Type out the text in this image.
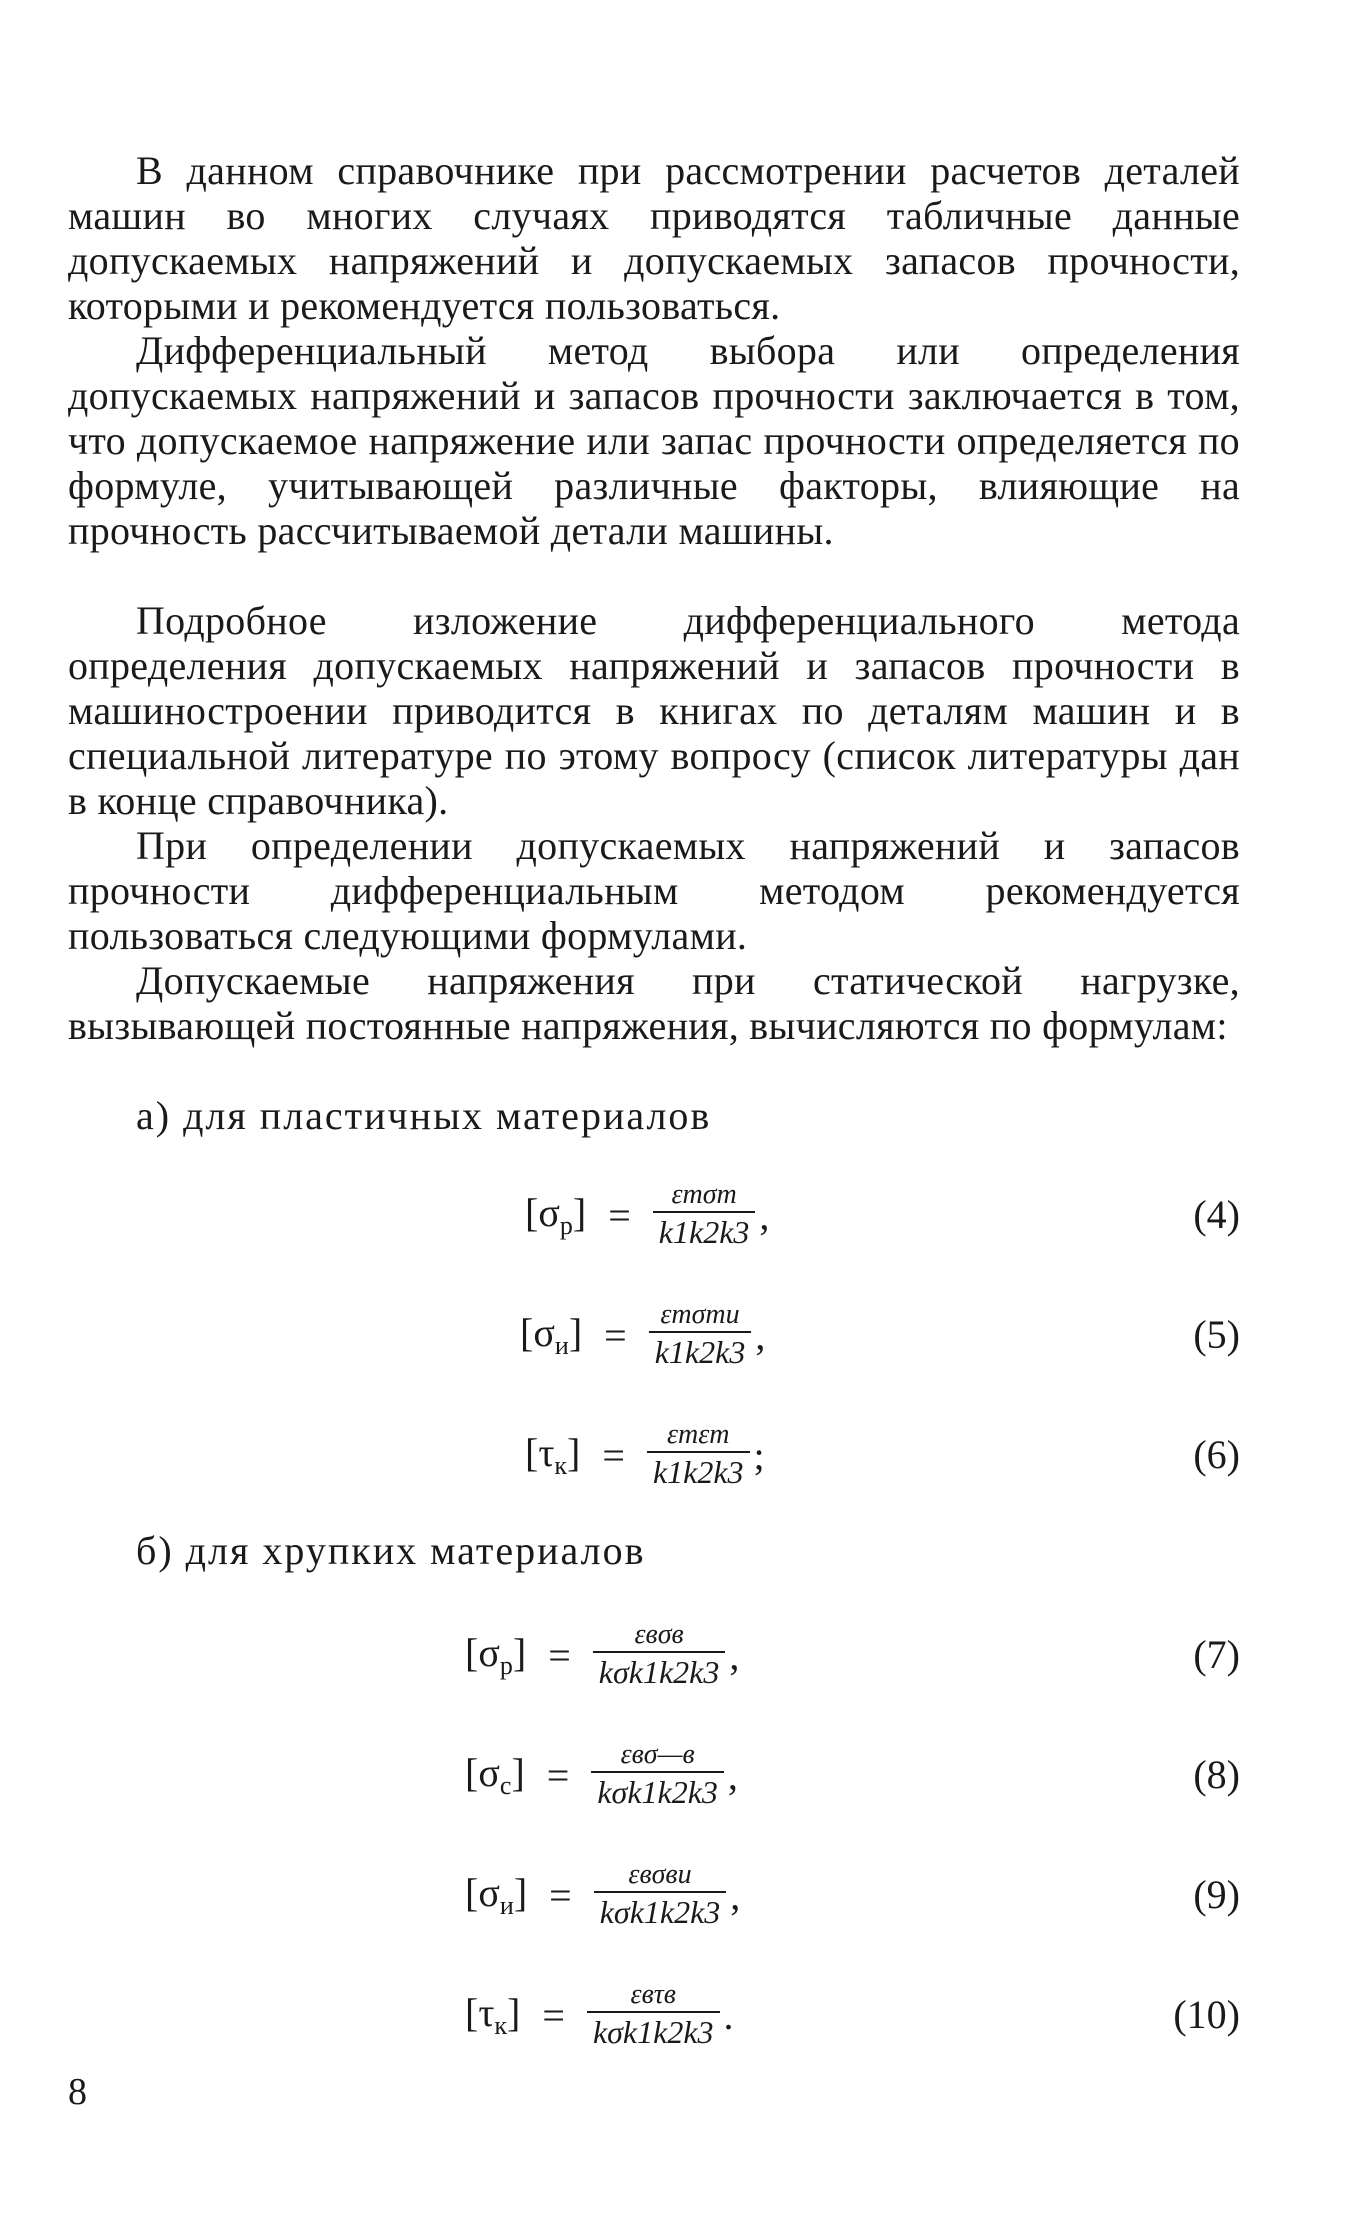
В данном справочнике при рассмотрении расчетов деталей машин во многих случаях приводятся табличные данные допускаемых напряжений и допускаемых запасов прочности, которыми и рекомендуется пользоваться.

Дифференциальный метод выбора или определения допускаемых напряжений и запасов прочности заключается в том, что допускаемое напряжение или запас прочности определяется по формуле, учитывающей различные факторы, влияющие на прочность рассчитываемой детали машины.

Подробное изложение дифференциального метода определения допускаемых напряжений и запасов прочности в машиностроении приводится в книгах по деталям машин и в специальной литературе по этому вопросу (список литературы дан в конце справочника).

При определении допускаемых напряжений и запасов прочности дифференциальным методом рекомендуется пользоваться следующими формулами.

Допускаемые напряжения при статической нагрузке, вызывающей постоянные напряжения, вычисляются по формулам:

а) для пластичных материалов

$[\sigma_р] = \frac{\text{εтσт}}{k1k2k3}$ ,	(4)
$[\sigma_и] = \frac{\text{εтσти}}{k1k2k3}$ ,	(5)
$[\tau_к] = \frac{\text{εтεт}}{k1k2k3}$ ;	(6)

б) для хрупких материалов

$[\sigma_р] = \frac{\text{εвσв}}{\text{kσk1k2k3}}$ ,	(7)
$[\sigma_с] = \frac{\text{εвσ—в}}{\text{kσk1k2k3}}$ ,	(8)
$[\sigma_и] = \frac{\text{εвσви}}{\text{kσk1k2k3}}$ ,	(9)
$[\tau_к] = \frac{\text{εвτв}}{\text{kσk1k2k3}}$ .	(10)
8
